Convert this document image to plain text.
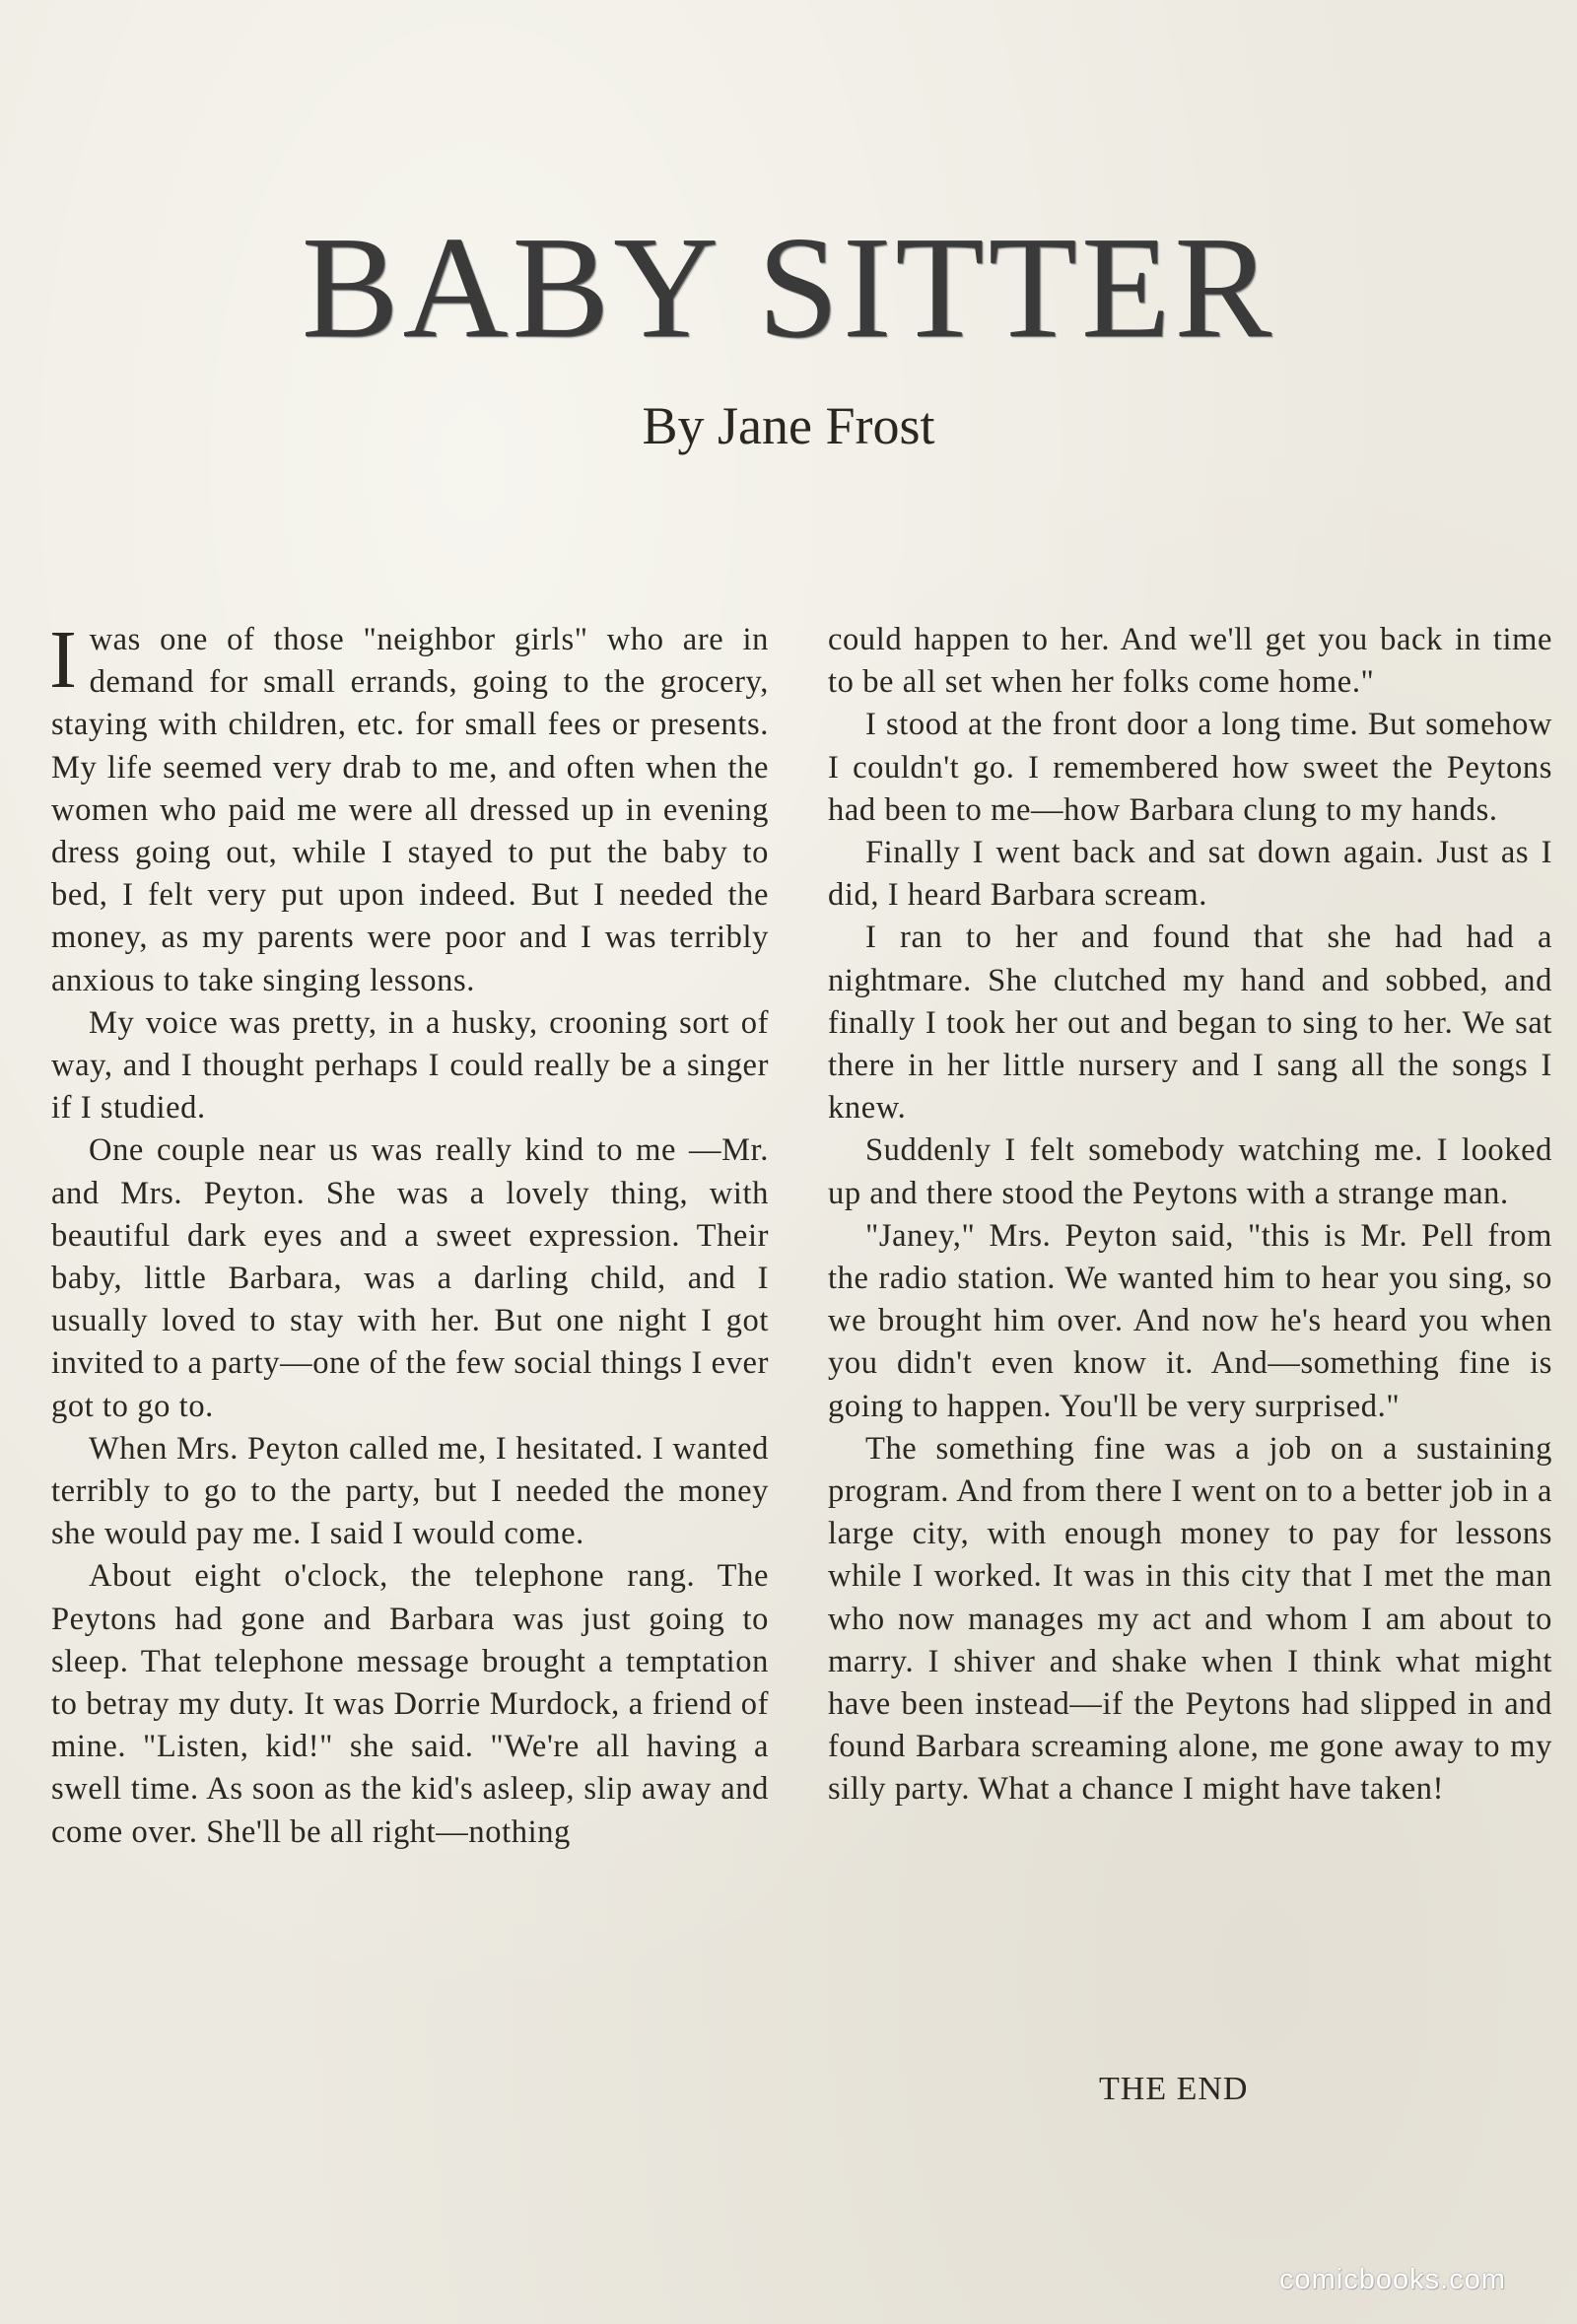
BABY SITTER
By Jane Frost

I was one of those "neighbor girls" who are in demand for small errands, going to the grocery, staying with children, etc. for small fees or presents. My life seemed very drab to me, and often when the women who paid me were all dressed up in evening dress going out, while I stayed to put the baby to bed, I felt very put upon indeed. But I needed the money, as my parents were poor and I was terribly anxious to take singing lessons.

My voice was pretty, in a husky, crooning sort of way, and I thought perhaps I could really be a singer if I studied.

One couple near us was really kind to me —Mr. and Mrs. Peyton. She was a lovely thing, with beautiful dark eyes and a sweet expression. Their baby, little Barbara, was a darling child, and I usually loved to stay with her. But one night I got invited to a party—one of the few social things I ever got to go to.

When Mrs. Peyton called me, I hesitated. I wanted terribly to go to the party, but I needed the money she would pay me. I said I would come.

About eight o'clock, the telephone rang. The Peytons had gone and Barbara was just going to sleep. That telephone message brought a temptation to betray my duty. It was Dorrie Murdock, a friend of mine. "Listen, kid!" she said. "We're all having a swell time. As soon as the kid's asleep, slip away and come over. She'll be all right—nothing

could happen to her. And we'll get you back in time to be all set when her folks come home."

I stood at the front door a long time. But somehow I couldn't go. I remembered how sweet the Peytons had been to me—how Barbara clung to my hands.

Finally I went back and sat down again. Just as I did, I heard Barbara scream.

I ran to her and found that she had had a nightmare. She clutched my hand and sobbed, and finally I took her out and began to sing to her. We sat there in her little nursery and I sang all the songs I knew.

Suddenly I felt somebody watching me. I looked up and there stood the Peytons with a strange man.

"Janey," Mrs. Peyton said, "this is Mr. Pell from the radio station. We wanted him to hear you sing, so we brought him over. And now he's heard you when you didn't even know it. And—something fine is going to happen. You'll be very surprised."

The something fine was a job on a sustaining program. And from there I went on to a better job in a large city, with enough money to pay for lessons while I worked. It was in this city that I met the man who now manages my act and whom I am about to marry. I shiver and shake when I think what might have been instead—if the Peytons had slipped in and found Barbara screaming alone, me gone away to my silly party. What a chance I might have taken!

THE END
comicbooks.com
